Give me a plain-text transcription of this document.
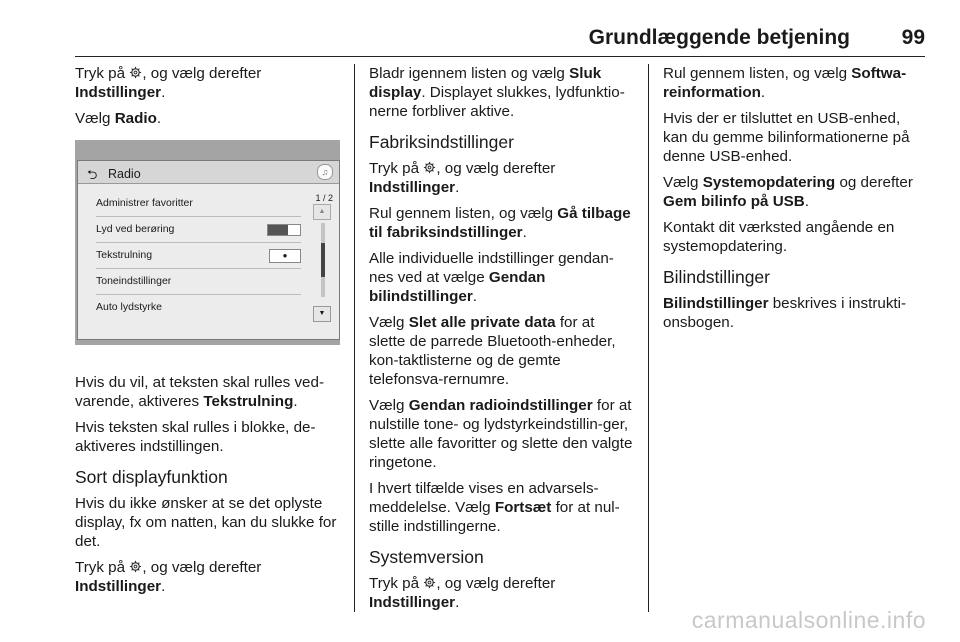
Grundlæggende betjening 99

Tryk på , og vælg derefter
Indstillinger.

Vælg Radio.

⮌ Radio	♫
Administrer favoritter
Lyd ved berøring
Tekstrulning	●
Toneindstillinger
Auto lydstyrke
1 / 2
▲
▼

Hvis du vil, at teksten skal rulles ved-varende, aktiveres Tekstrulning.

Hvis teksten skal rulles i blokke, de-aktiveres indstillingen.

Sort displayfunktion

Hvis du ikke ønsker at se det oplyste display, fx om natten, kan du slukke for det.

Tryk på , og vælg derefter
Indstillinger.

Bladr igennem listen og vælg Sluk display. Displayet slukkes, lydfunktio-nerne forbliver aktive.

Fabriksindstillinger

Tryk på , og vælg derefter
Indstillinger.

Rul gennem listen, og vælg Gå tilbage til fabriksindstillinger.

Alle individuelle indstillinger gendan-nes ved at vælge Gendan bilindstillinger.

Vælg Slet alle private data for at slette de parrede Bluetooth-enheder, kon-taktlisterne og de gemte telefonsva-rernumre.

Vælg Gendan radioindstillinger for at nulstille tone- og lydstyrkeindstillin-ger, slette alle favoritter og slette den valgte ringetone.

I hvert tilfælde vises en advarsels-meddelelse. Vælg Fortsæt for at nul-stille indstillingerne.

Systemversion

Tryk på , og vælg derefter
Indstillinger.

Rul gennem listen, og vælg Softwa-reinformation.

Hvis der er tilsluttet en USB-enhed, kan du gemme bilinformationerne på denne USB-enhed.

Vælg Systemopdatering og derefter
Gem bilinfo på USB.

Kontakt dit værksted angående en systemopdatering.

Bilindstillinger

Bilindstillinger beskrives i instrukti-onsbogen.

carmanualsonline.info
